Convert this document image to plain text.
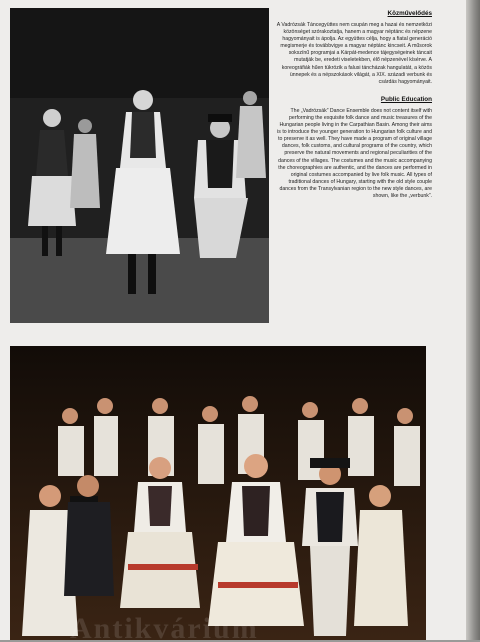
Közművelődés

A Vadrózsák Táncegyüttes nem csupán meg a hazai és nemzetközi közönséget szórakoztatja, hanem a magyar néptánc és népzene hagyományait is ápolja. Az együttes célja, hogy a fiatal generáció megismerje és továbbvigye a magyar néptánc kincseit. A műsorok sokszínű programjai a Kárpát-medence tájegységeinek táncait mutatják be, eredeti viseletekben, élő népzenével kísérve. A koreográfiák hűen tükrözik a falusi táncházak hangulatát, a közös ünnepek és a népszokások világát, a XIX. századi verbunk és csárdás hagyományait.

Public Education

The „Vadrózsák” Dance Ensemble does not content itself with performing the exquisite folk dance and music treasures of the Hungarian people living in the Carpathian Basin. Among their aims is to introduce the younger generation to Hungarian folk culture and to preserve it as well. They have made a program of original village dances, folk customs, and cultural programs of the country, which preserve the natural movements and regional peculiarities of the dances of the villages. The costumes and the music accompanying the choreographies are authentic, and the dances are performed in original costumes accompanied by live folk music. All types of traditional dances of Hungary, starting with the old style couple dances from the Transylvanian region to the new style dances, are shown, like the „verbunk”.

Antikvárium
